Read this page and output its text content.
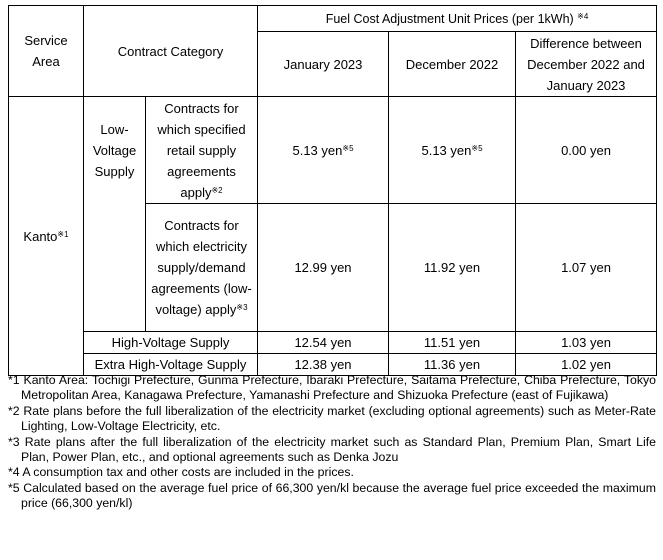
Service Area	Contract Category		Fuel Cost Adjustment Unit Prices (per 1kWh) $^{※4}$
			January 2023	December 2022	Difference between December 2022 and January 2023
Kanto$^{※1}$	Low-Voltage Supply	Contracts for which specified retail supply agreements apply$^{※2}$	5.13 yen$^{※5}$	5.13 yen$^{※5}$	0.00 yen
		Contracts for which electricity supply/demand agreements (low-voltage) apply$^{※3}$	12.99 yen	11.92 yen	1.07 yen
	High-Voltage Supply		12.54 yen	11.51 yen	1.03 yen
	Extra High-Voltage Supply		12.38 yen	11.36 yen	1.02 yen
*1 Kanto Area: Tochigi Prefecture, Gunma Prefecture, Ibaraki Prefecture, Saitama Prefecture, Chiba Prefecture, Tokyo Metropolitan Area, Kanagawa Prefecture, Yamanashi Prefecture and Shizuoka Prefecture (east of Fujikawa)
*2 Rate plans before the full liberalization of the electricity market (excluding optional agreements) such as Meter-Rate Lighting, Low-Voltage Electricity, etc.
*3 Rate plans after the full liberalization of the electricity market such as Standard Plan, Premium Plan, Smart Life Plan, Power Plan, etc., and optional agreements such as Denka Jozu
*4 A consumption tax and other costs are included in the prices.
*5 Calculated based on the average fuel price of 66,300 yen/kl because the average fuel price exceeded the maximum price (66,300 yen/kl)
